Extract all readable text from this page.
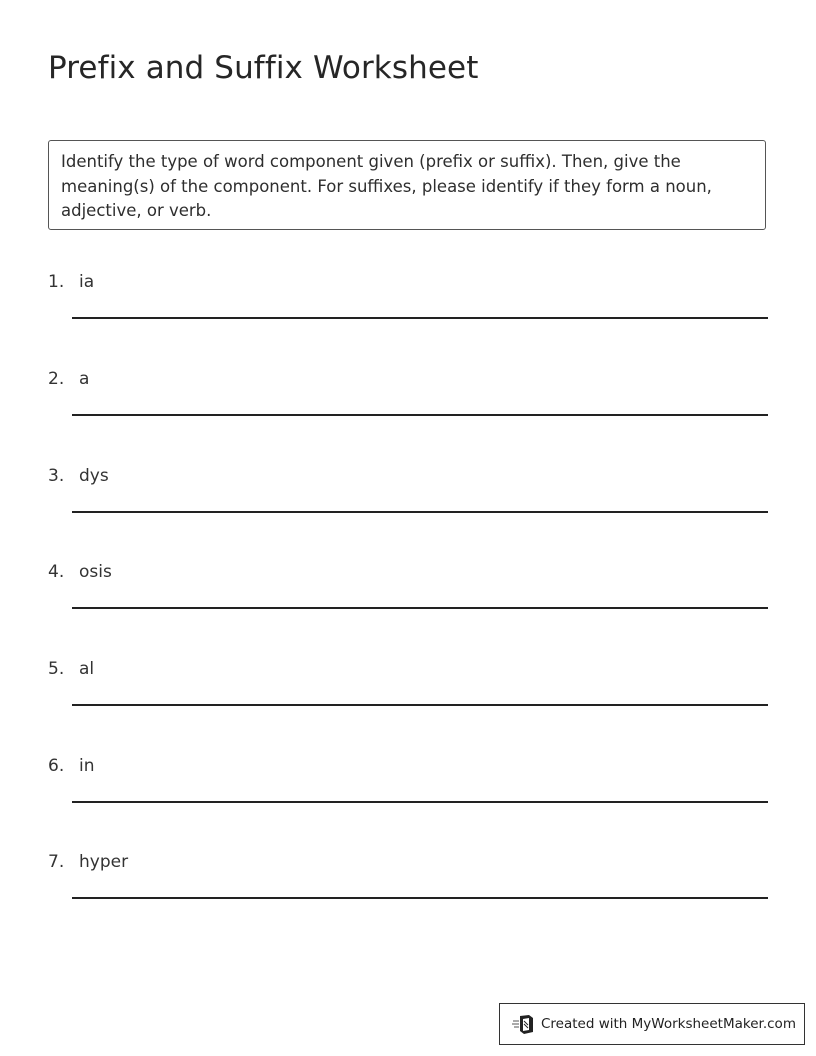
Prefix and Suffix Worksheet
Identify the type of word component given (prefix or suffix). Then, give the meaning(s) of the component. For suffixes, please identify if they form a noun, adjective, or verb.
1. ia
2. a
3. dys
4. osis
5. al
6. in
7. hyper
Created with MyWorksheetMaker.com
